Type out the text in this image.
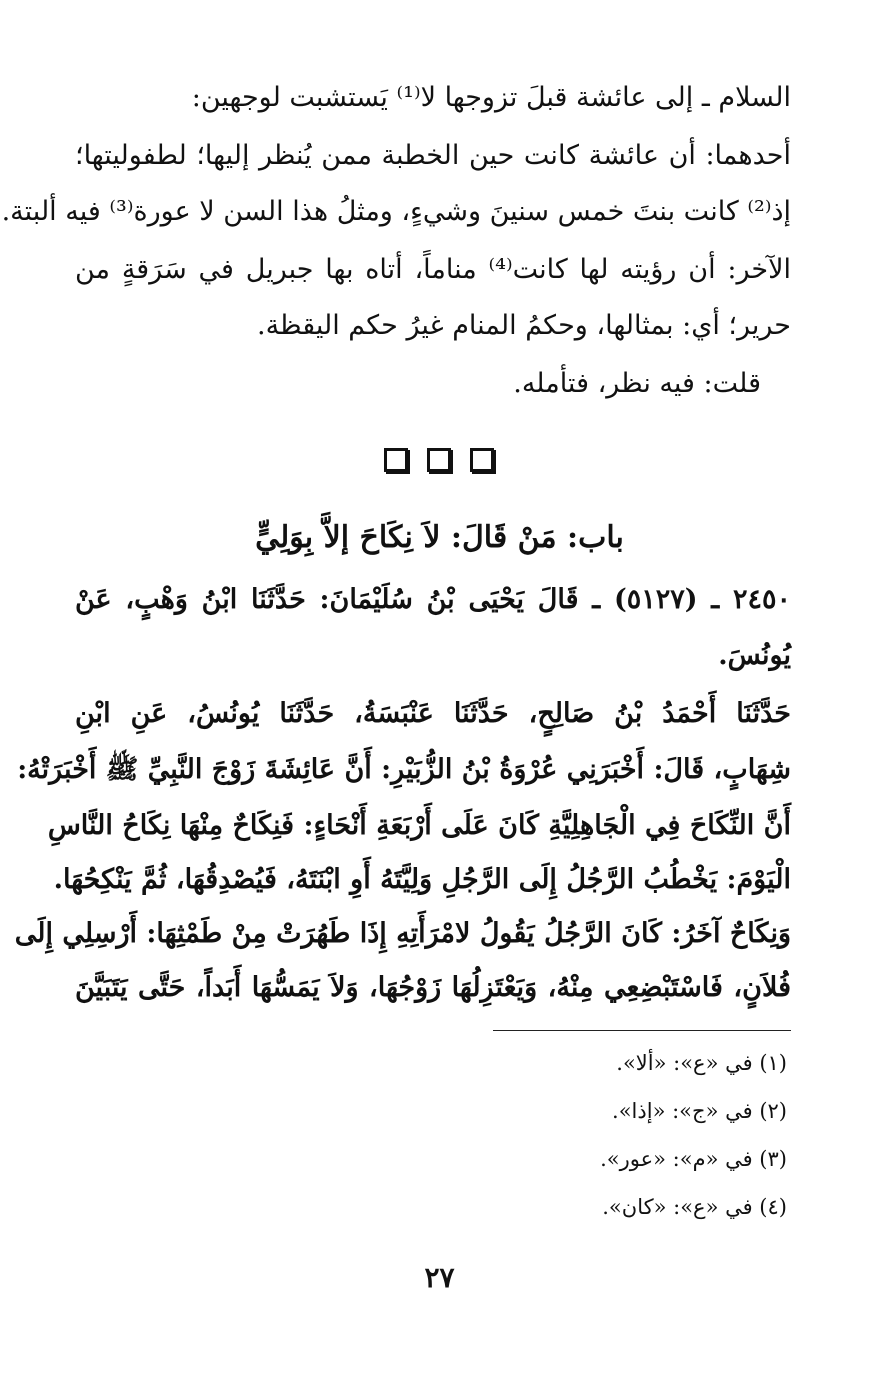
السلام ـ إلى عائشة قبلَ تزوجها لا⁽¹⁾ يَستشبت لوجهين:
أحدهما: أن عائشة كانت حين الخطبة ممن يُنظر إليها؛ لطفوليتها؛
إذ⁽²⁾ كانت بنتَ خمس سنينَ وشيءٍ، ومثلُ هذا السن لا عورة⁽³⁾ فيه ألبتة.
الآخر: أن رؤيته لها كانت⁽⁴⁾ مناماً، أتاه بها جبريل في سَرَقةٍ من
حرير؛ أي: بمثالها، وحكمُ المنام غيرُ حكم اليقظة.
قلت: فيه نظر، فتأمله.
باب: مَنْ قَالَ: لاَ نِكَاحَ إلاَّ بِوَلِيٍّ
٢٤٥٠ ـ (٥١٢٧) ـ قَالَ يَحْيَى بْنُ سُلَيْمَانَ: حَدَّثَنَا ابْنُ وَهْبٍ، عَنْ
يُونُسَ.
حَدَّثَنَا أَحْمَدُ بْنُ صَالِحٍ، حَدَّثَنَا عَنْبَسَةُ، حَدَّثَنَا يُونُسُ، عَنِ ابْنِ
شِهَابٍ، قَالَ: أَخْبَرَنِي عُرْوَةُ بْنُ الزُّبَيْرِ: أَنَّ عَائِشَةَ زَوْجَ النَّبِيِّ ﷺ أَخْبَرَتْهُ:
أَنَّ النِّكَاحَ فِي الْجَاهِلِيَّةِ كَانَ عَلَى أَرْبَعَةِ أَنْحَاءٍ: فَنِكَاحٌ مِنْهَا نِكَاحُ النَّاسِ
الْيَوْمَ: يَخْطُبُ الرَّجُلُ إِلَى الرَّجُلِ وَلِيَّتَهُ أَوِ ابْنَتَهُ، فَيُصْدِقُهَا، ثُمَّ يَنْكِحُهَا.
وَنِكَاحٌ آخَرُ: كَانَ الرَّجُلُ يَقُولُ لامْرَأَتِهِ إِذَا طَهُرَتْ مِنْ طَمْثِهَا: أَرْسِلِي إِلَى
فُلاَنٍ، فَاسْتَبْضِعِي مِنْهُ، وَيَعْتَزِلُهَا زَوْجُهَا، وَلاَ يَمَسُّهَا أَبَداً، حَتَّى يَتَبَيَّنَ
(١) في «ع»: «ألا».
(٢) في «ج»: «إذا».
(٣) في «م»: «عور».
(٤) في «ع»: «كان».
٢٧
